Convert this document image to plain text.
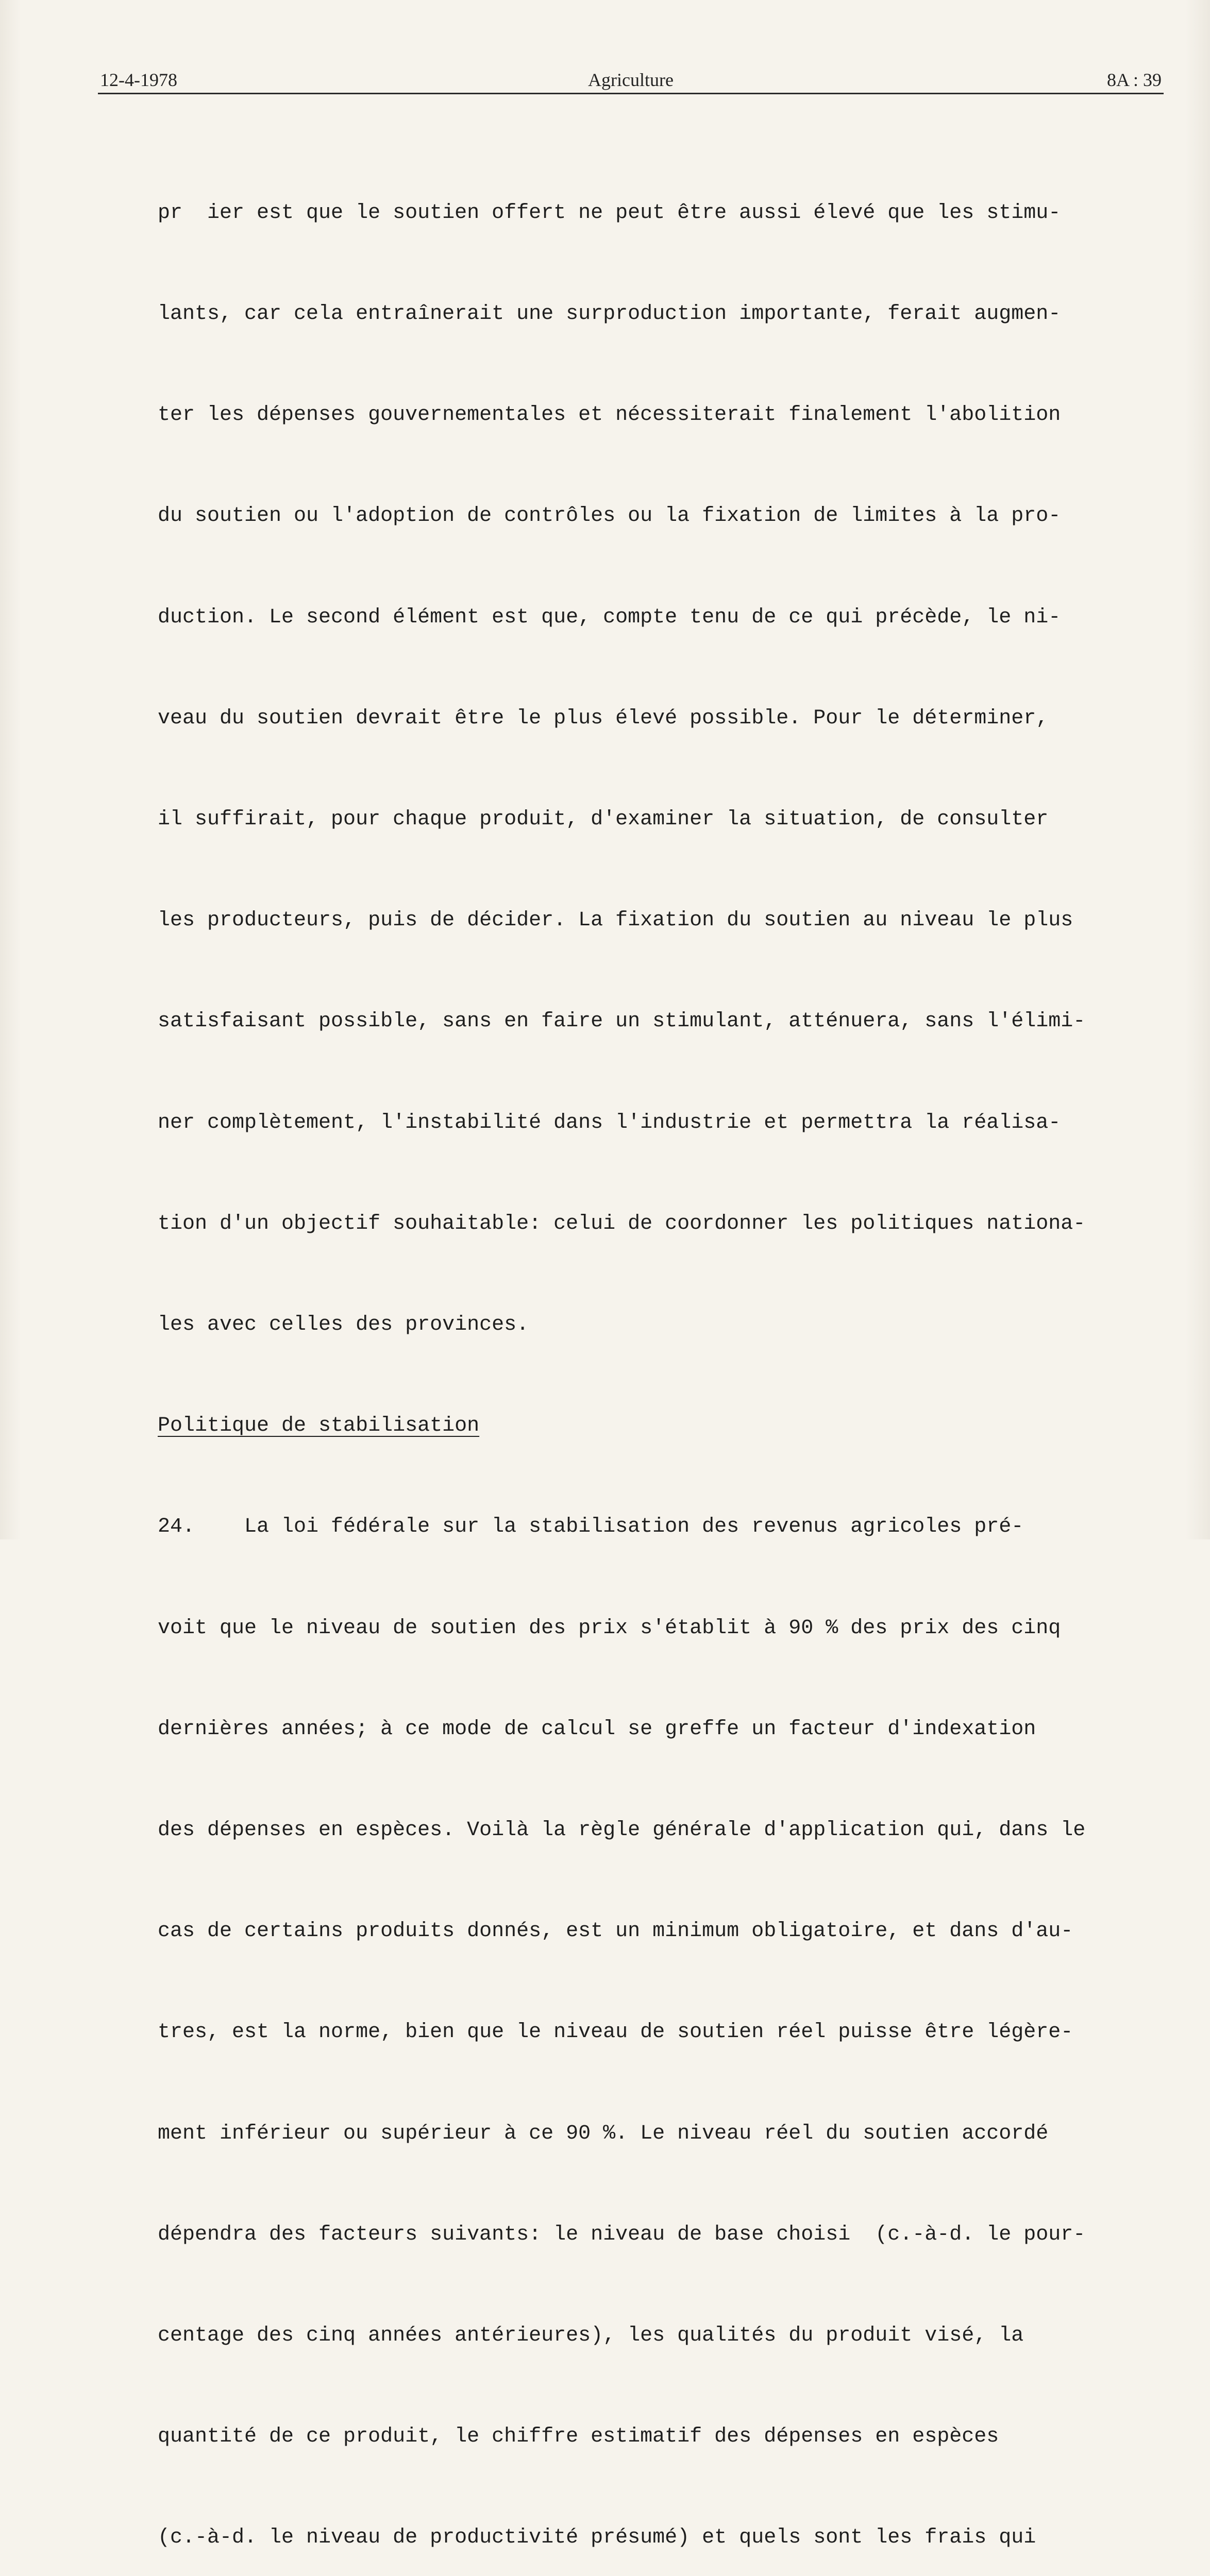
12-4-1978	Agriculture	8A : 39

pr  ier est que le soutien offert ne peut être aussi élevé que les stimu-

lants, car cela entraînerait une surproduction importante, ferait augmen-

ter les dépenses gouvernementales et nécessiterait finalement l'abolition

du soutien ou l'adoption de contrôles ou la fixation de limites à la pro-

duction. Le second élément est que, compte tenu de ce qui précède, le ni-

veau du soutien devrait être le plus élevé possible. Pour le déterminer,

il suffirait, pour chaque produit, d'examiner la situation, de consulter

les producteurs, puis de décider. La fixation du soutien au niveau le plus

satisfaisant possible, sans en faire un stimulant, atténuera, sans l'élimi-

ner complètement, l'instabilité dans l'industrie et permettra la réalisa-

tion d'un objectif souhaitable: celui de coordonner les politiques nationa-

les avec celles des provinces.

Politique de stabilisation

24.    La loi fédérale sur la stabilisation des revenus agricoles pré-

voit que le niveau de soutien des prix s'établit à 90 % des prix des cinq

dernières années; à ce mode de calcul se greffe un facteur d'indexation

des dépenses en espèces. Voilà la règle générale d'application qui, dans le

cas de certains produits donnés, est un minimum obligatoire, et dans d'au-

tres, est la norme, bien que le niveau de soutien réel puisse être légère-

ment inférieur ou supérieur à ce 90 %. Le niveau réel du soutien accordé

dépendra des facteurs suivants: le niveau de base choisi  (c.-à-d. le pour-

centage des cinq années antérieures), les qualités du produit visé, la

quantité de ce produit, le chiffre estimatif des dépenses en espèces

(c.-à-d. le niveau de productivité présumé) et quels sont les frais qui
